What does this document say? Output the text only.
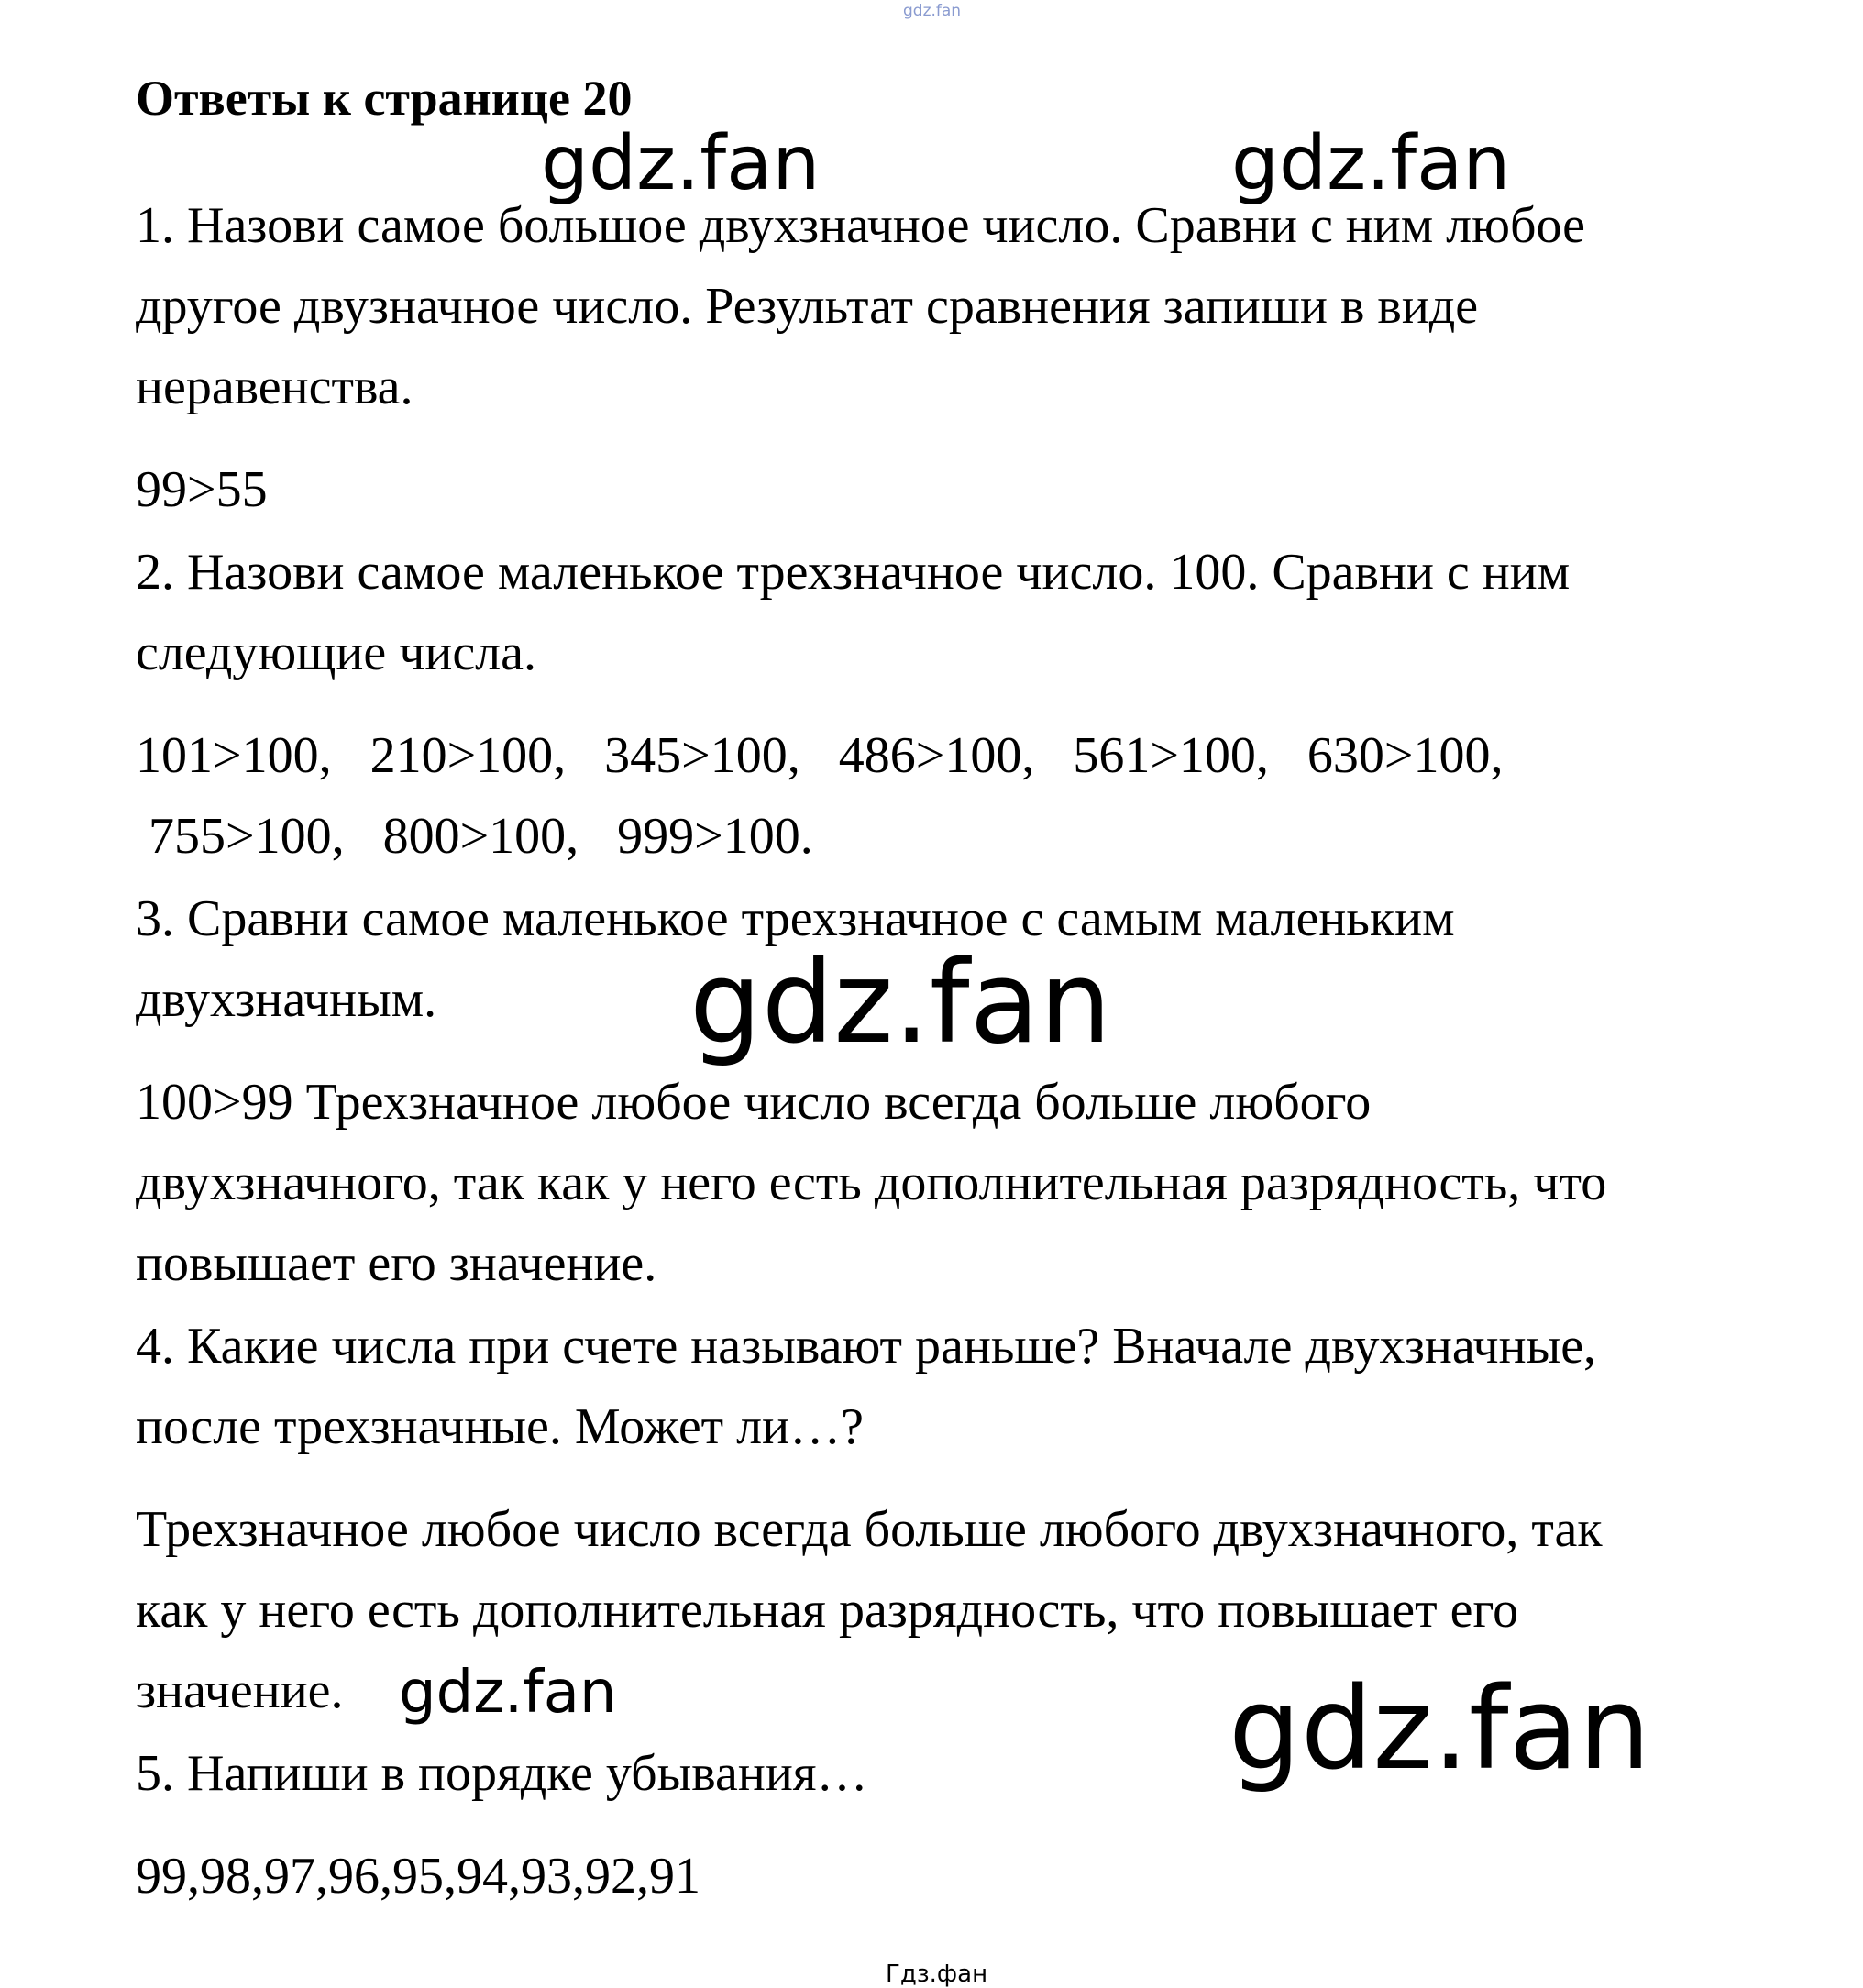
gdz.fan
Ответы к странице 20
1. Назови самое большое двухзначное число. Сравни с ним любое
другое двузначное число. Результат сравнения запиши в виде
неравенства.
99>55
2. Назови самое маленькое трехзначное число. 100. Сравни с ним
следующие числа.
101>100,   210>100,   345>100,   486>100,   561>100,   630>100,
755>100,   800>100,   999>100.
3. Сравни самое маленькое трехзначное с самым маленьким
двухзначным.
100>99 Трехзначное любое число всегда больше любого
двухзначного, так как у него есть дополнительная разрядность, что
повышает его значение.
4. Какие числа при счете называют раньше? Вначале двухзначные,
после трехзначные. Может ли…?
Трехзначное любое число всегда больше любого двухзначного, так
как у него есть дополнительная разрядность, что повышает его
значение.
5. Напиши в порядке убывания…
99,98,97,96,95,94,93,92,91
gdz.fan	gdz.fan
gdz.fan
gdz.fan	gdz.fan
Гдз.фан
